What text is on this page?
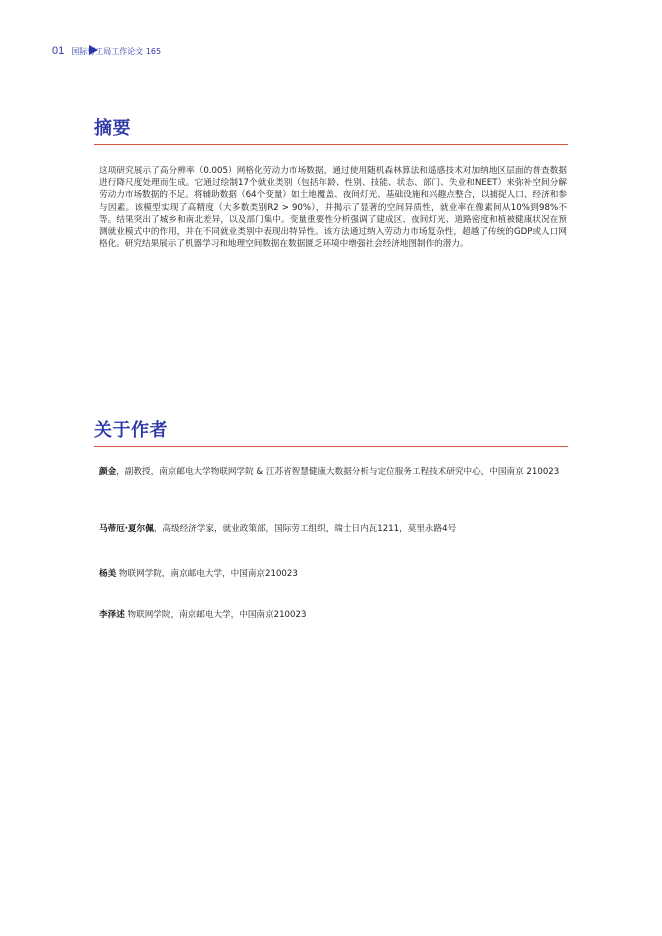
01 国际劳工局工作论文 165
摘要

这项研究展示了高分辨率（0.005）网格化劳动力市场数据，通过使用随机森林算法和遥感技术对加纳地区层面的普查数据进行降尺度处理而生成。它通过绘制17个就业类别（包括年龄、性别、技能、状态、部门、失业和NEET）来弥补空间分解劳动力市场数据的不足。将辅助数据（64个变量）如土地覆盖、夜间灯光、基础设施和兴趣点整合，以捕捉人口、经济和参与因素。该模型实现了高精度（大多数类别R2 > 90%），并揭示了显著的空间异质性，就业率在像素间从10%到98%不等。结果突出了城乡和南北差异，以及部门集中。变量重要性分析强调了建成区、夜间灯光、道路密度和植被健康状况在预测就业模式中的作用，并在不同就业类别中表现出特异性。该方法通过纳入劳动力市场复杂性，超越了传统的GDP或人口网格化。研究结果展示了机器学习和地理空间数据在数据匮乏环境中增强社会经济地图制作的潜力。

关于作者

颜金，副教授，南京邮电大学物联网学院 & 江苏省智慧健康大数据分析与定位服务工程技术研究中心，中国南京 210023

马蒂厄·夏尔佩，高级经济学家，就业政策部，国际劳工组织，瑞士日内瓦1211，莫里永路4号

杨美 物联网学院，南京邮电大学，中国南京210023

李泽述 物联网学院，南京邮电大学，中国南京210023
